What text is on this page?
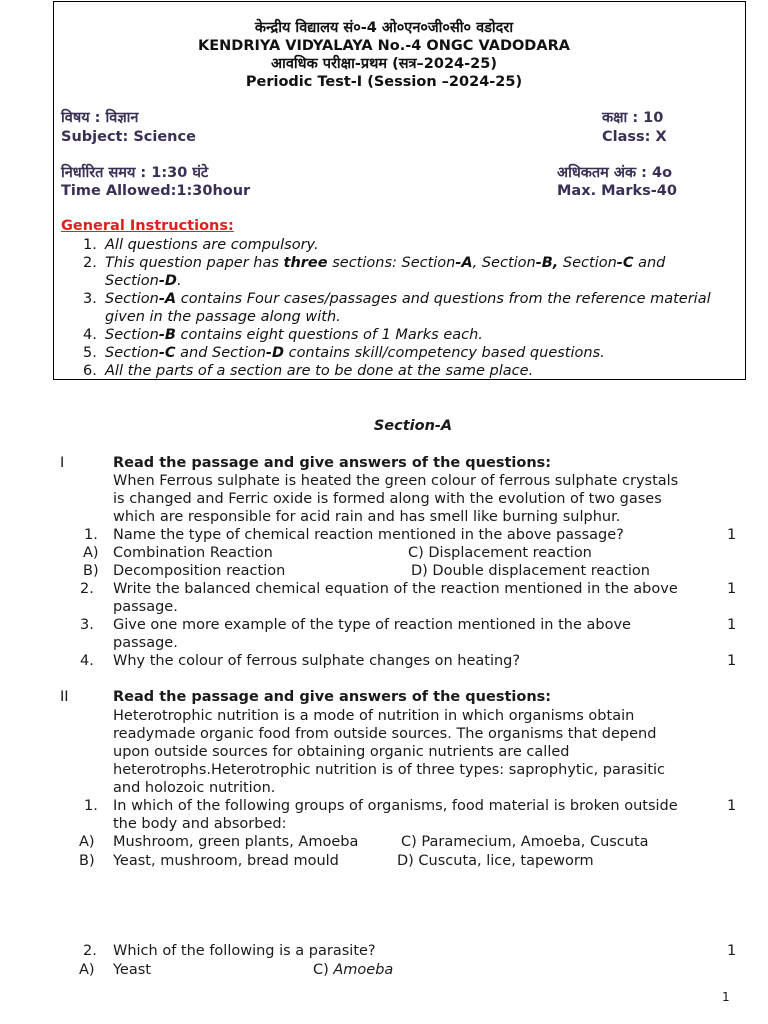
केन्द्रीय विद्यालय सं०-4 ओ०एन०जी०सी० वडोदरा
KENDRIYA VIDYALAYA No.-4 ONGC VADODARA
आवधिक परीक्षा-प्रथम (सत्र–2024-25)
Periodic Test-I (Session –2024-25)
विषय : विज्ञान
Subject: Science
कक्षा : 10
Class: X
निर्धारित समय : 1:30 घंटे
Time Allowed:1:30hour
अधिकतम अंक : 4o
Max. Marks-40
General Instructions:
1. All questions are compulsory.
2. This question paper has three sections: Section-A, Section-B, Section-C and
Section-D.
3. Section-A contains Four cases/passages and questions from the reference material
given in the passage along with.
4. Section-B contains eight questions of 1 Marks each.
5. Section-C and Section-D contains skill/competency based questions.
6. All the parts of a section are to be done at the same place.
Section-A
I	Read the passage and give answers of the questions:
When Ferrous sulphate is heated the green colour of ferrous sulphate crystals
is changed and Ferric oxide is formed along with the evolution of two gases
which are responsible for acid rain and has smell like burning sulphur.
1. Name the type of chemical reaction mentioned in the above passage?	1
A) Combination Reaction	C) Displacement reaction
B) Decomposition reaction	D) Double displacement reaction
2. Write the balanced chemical equation of the reaction mentioned in the above
passage.
1
3. Give one more example of the type of reaction mentioned in the above
passage.
1
4. Why the colour of ferrous sulphate changes on heating?	1
II	Read the passage and give answers of the questions:
Heterotrophic nutrition is a mode of nutrition in which organisms obtain
readymade organic food from outside sources. The organisms that depend
upon outside sources for obtaining organic nutrients are called
heterotrophs.Heterotrophic nutrition is of three types: saprophytic, parasitic
and holozoic nutrition.
1. In which of the following groups of organisms, food material is broken outside
the body and absorbed:
1
A) Mushroom, green plants, Amoeba	C) Paramecium, Amoeba, Cuscuta
B) Yeast, mushroom, bread mould	D) Cuscuta, lice, tapeworm
2. Which of the following is a parasite?	1
A) Yeast	C) Amoeba
1
